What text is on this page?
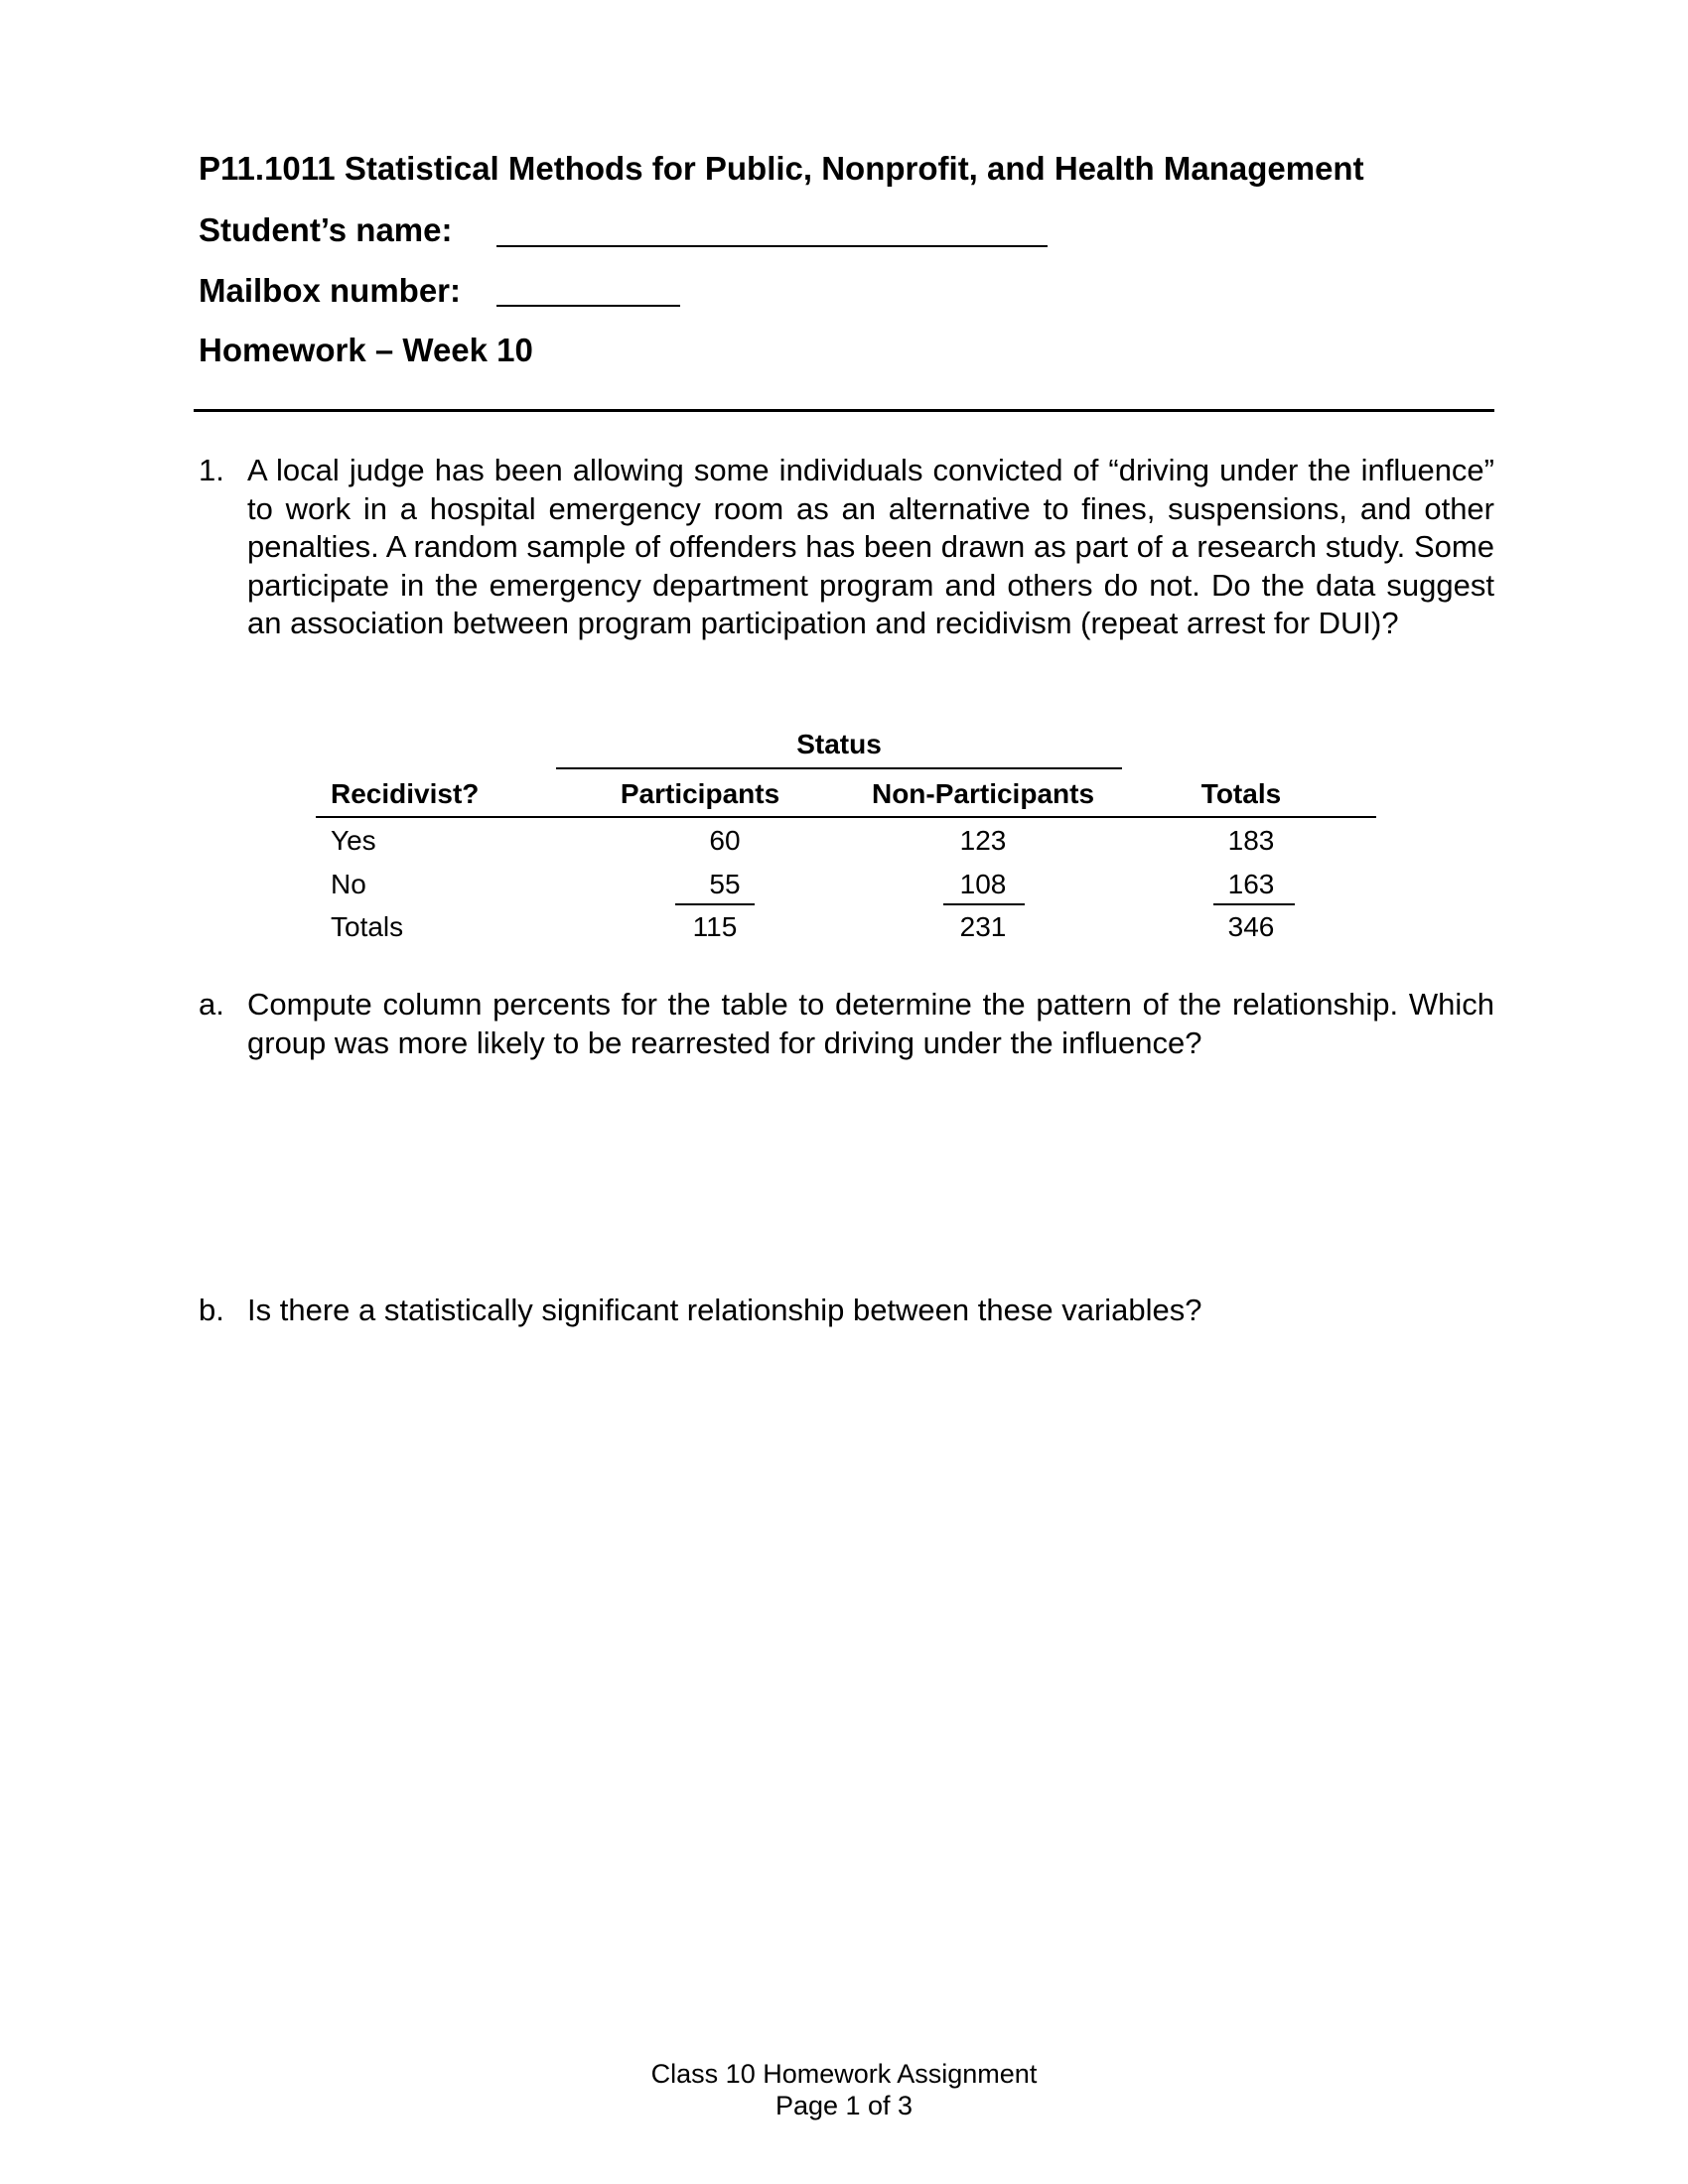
P11.1011 Statistical Methods for Public, Nonprofit, and Health Management
Student’s name:
Mailbox number:
Homework – Week 10
1. A local judge has been allowing some individuals convicted of “driving under the influence” to work in a hospital emergency room as an alternative to fines, suspensions, and other penalties. A random sample of offenders has been drawn as part of a research study. Some participate in the emergency department program and others do not. Do the data suggest an association between program participation and recidivism (repeat arrest for DUI)?
Status
Recidivist?	Participants	Non-Participants	Totals
Yes	60	123	183
No	55	108	163
Totals	115	231	346
a. Compute column percents for the table to determine the pattern of the relationship. Which group was more likely to be rearrested for driving under the influence?
b. Is there a statistically significant relationship between these variables?
Class 10 Homework Assignment
Page 1 of 3
